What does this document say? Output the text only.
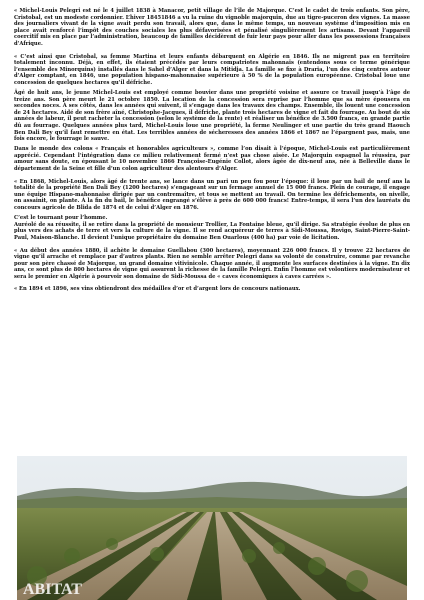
« Michel-Louis Pelegri est né le 4 juillet 1838 à Manacor, petit village de l’île de Majorque. C’est le cadet de trois enfants. Son père, Cristobal, est un modeste cordonnier. L’hiver 18451846 a vu la ruine du vignoble majorquin, due au tigre-puceron des vignes. La masse des journaliers vivant de la vigne avait perdu son travail, alors que, dans le même temps, un nouveau système d’imposition mis en place avait renforcé l’impôt des couches sociales les plus défavorisées et pénalisé singulièrement les artisans. Devant l’appareil coercitif mis en place par l’administration, beaucoup de familles décidèrent de fuir leur pays pour aller dans les possessions françaises d’Afrique.

« C’est ainsi que Cristobal, sa femme Martina et leurs enfants débarquent en Algérie en 1846. Ils ne migrent pas en territoire totalement inconnu. Déjà, en effet, ils étaient précédés par leurs compatriotes mahonnais (entendons sous ce terme générique l’ensemble des Minorquins) installés dans le Sahel d’Alger et dans la Mitidja. La famille se fixe à Draria, l’un des cinq centres autour d’Alger comptant, en 1846, une population hispano-mahonnaise supérieure à 50 % de la population européenne. Cristobal loue une concession de quelques hectares qu’il défriche.

Âgé de huit ans, le jeune Michel-Louis est employé comme bouvier dans une propriété voisine et assure ce travail jusqu’à l’âge de treize ans. Son père meurt le 21 octobre 1850. La location de la concession sera reprise par l’homme que sa mère épousera en secondes noces. À ses côtés, dans les années qui suivent, il s’engage dans les travaux des champs. Ensemble, ils louent une concession de 24 hectares. Aidé de son frère aîné, Christophe-Jacques, il défriche, plante trois hectares de vigne et fait du fourrage. Au bout de six années de labeur, il peut racheter la concession (selon le système de la rente) et réaliser un bénéfice de 3.500 francs, en grande partie dû au fourrage. Quelques années plus tard, Michel-Louis loue une propriété, la ferme Neulinger et une partie du très grand Haouch Ben Dali Bey qu’il faut remettre en état. Les terribles années de sécheresses des années 1866 et 1867 ne l’épargnent pas, mais, une fois encore, le fourrage le sauve.

Dans le monde des colons « Français et honorables agriculteurs », comme l’on disait à l’époque, Michel-Louis est particulièrement apprécié. Cependant l’intégration dans ce milieu relativement fermé n’est pas chose aisée. Le Majorquin espagnol la réussira, par amour sans doute, en épousant le 10 novembre 1866 Françoise-Eugénie Collot, alors âgée de dix-neuf ans, née à Belleville dans le département de la Seine et fille d’un colon agriculteur des alentours d’Alger.

« En 1868, Michel-Louis, alors âgé de trente ans, se lance dans un pari un peu fou pour l’époque: il loue par un bail de neuf ans la totalité de la propriété Ben Dali Bey (1200 hectares) s’engageant sur un fermage annuel de 15 000 francs. Plein de courage, il engage une équipe Hispano-mahonnaise dirigée par un contremaître, et tous se mettent au travail. On termine les défrichements, on nivelle, on assainit, on plante. À la fin du bail, le bénéfice engrangé s’élève à près de 600 000 francs! Entre-temps, il sera l’un des lauréats du concours agricole de Blida de 1874 et de celui d’Alger en 1876.

C’est le tournant pour l’homme.

Auréolé de sa réussite, il se retire dans la propriété de monsieur Trollier, La Fontaine bleue, qu’il dirige. Sa stratégie évolue de plus en plus vers des achats de terre et vers la culture de la vigne. Il se rend acquéreur de terres à Sidi-Moussa, Rovigo, Saint-Pierre-Saint-Paul, Maison-Blanche. Il devient l’unique propriétaire du domaine Ben Ouarlous (400 ha) par voie de licitation.

« Au début des années 1880, il achète le domaine Guellabou (300 hectares), moyennant 226 000 francs. Il y trouve 22 hectares de vigne qu’il arrache et remplace par d’autres plants. Rien ne semble arrêter Pelegri dans sa volonté de construire, comme par revanche pour son père chassé de Majorque, un grand domaine vitivinicole. Chaque année, il augmente les surfaces destinées à la vigne. En dix ans, ce sont plus de 800 hectares de vigne qui assurent la richesse de la famille Pelegri. Enfin l’homme est volontiers modernisateur et sera le premier en Algérie à pourvoir son domaine de Sidi-Moussa de « caves économiques à caves carrées ».

« En 1894 et 1896, ses vins obtiendront des médailles d’or et d’argent lors de concours nationaux.

ABITAT
